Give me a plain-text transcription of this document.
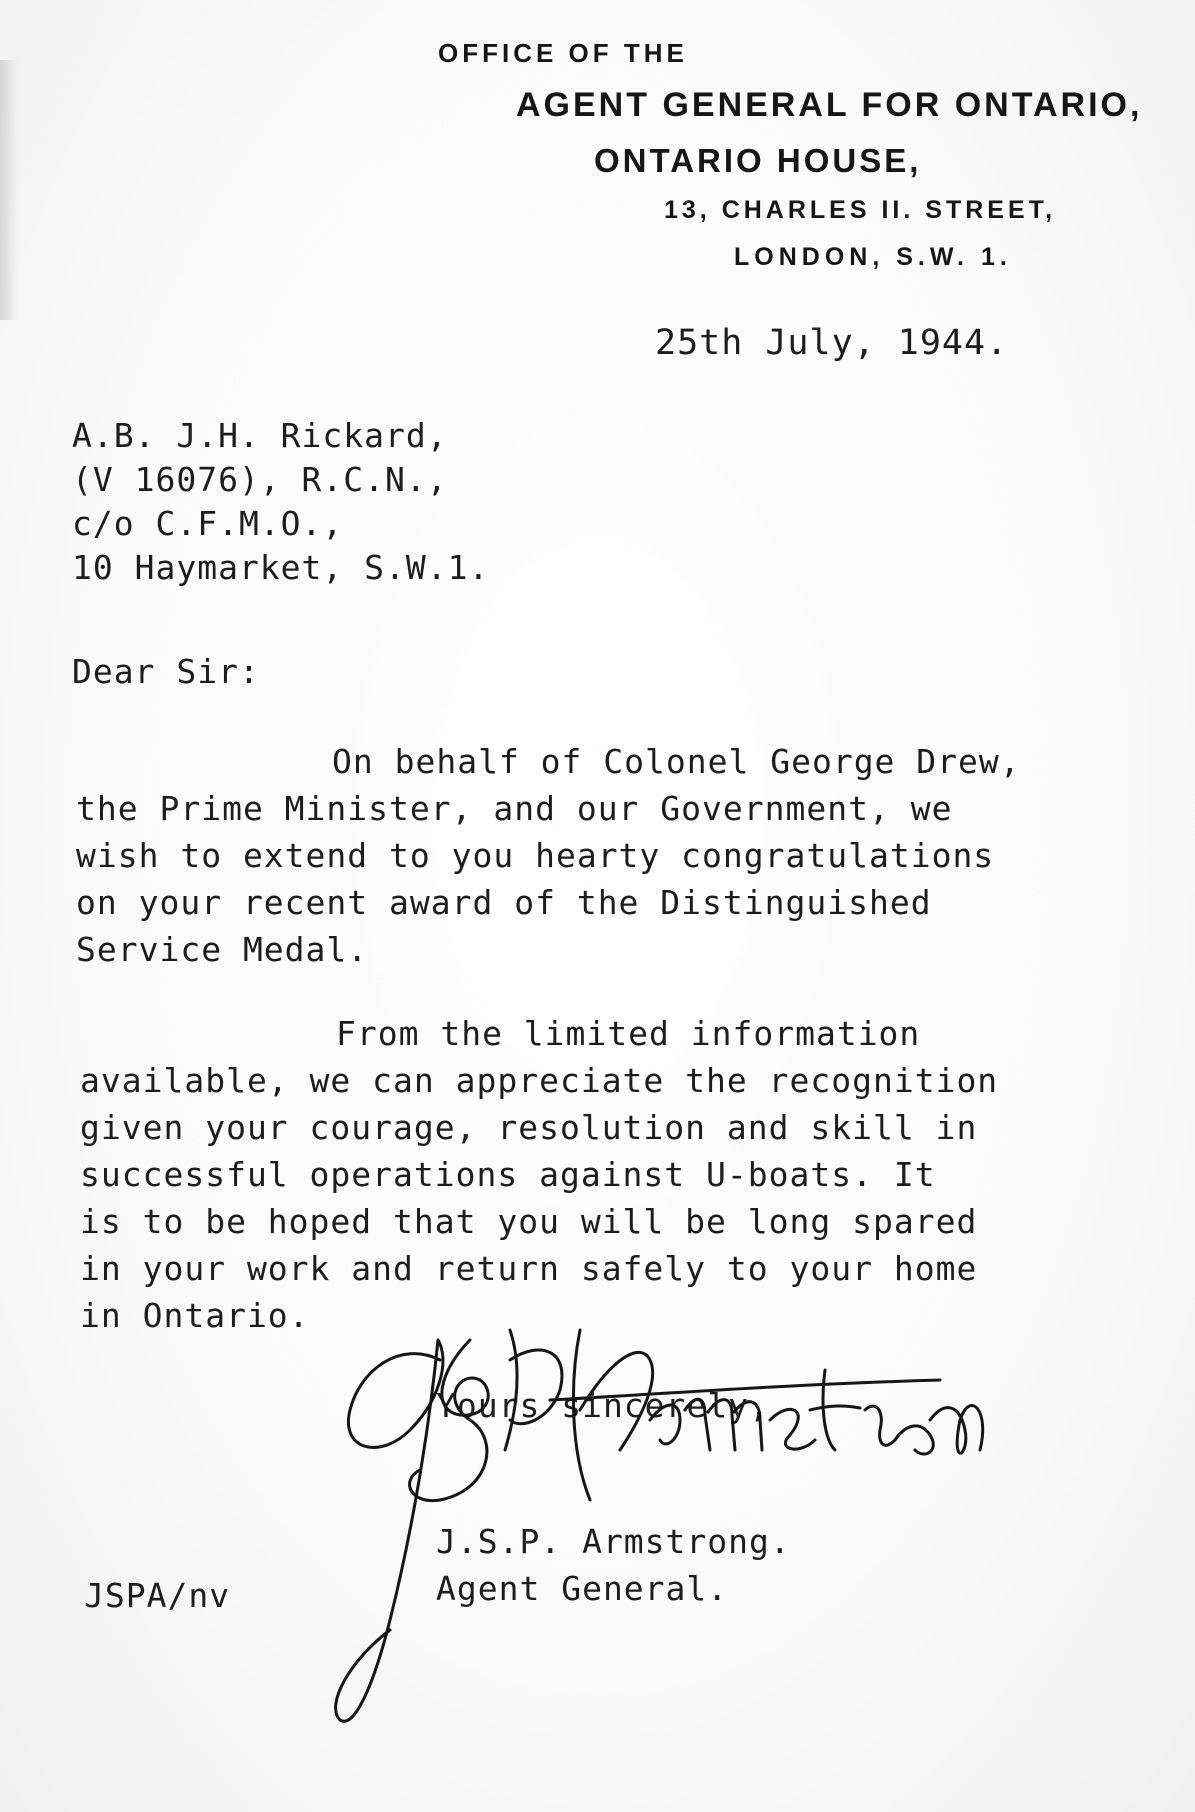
OFFICE OF THE
AGENT GENERAL FOR ONTARIO,
ONTARIO HOUSE,
13, CHARLES II. STREET,
LONDON, S.W. 1.
25th July, 1944.
A.B. J.H. Rickard,
(V 16076), R.C.N.,
c/o C.F.M.O.,
10 Haymarket, S.W.1.
Dear Sir:
On behalf of Colonel George Drew,
the Prime Minister, and our Government, we
wish to extend to you hearty congratulations
on your recent award of the Distinguished
Service Medal.
From the limited information
available, we can appreciate the recognition
given your courage, resolution and skill in
successful operations against U-boats. It
is to be hoped that you will be long spared
in your work and return safely to your home
in Ontario.
Yours sincerely,
J.S.P. Armstrong.
Agent General.
JSPA/nv
